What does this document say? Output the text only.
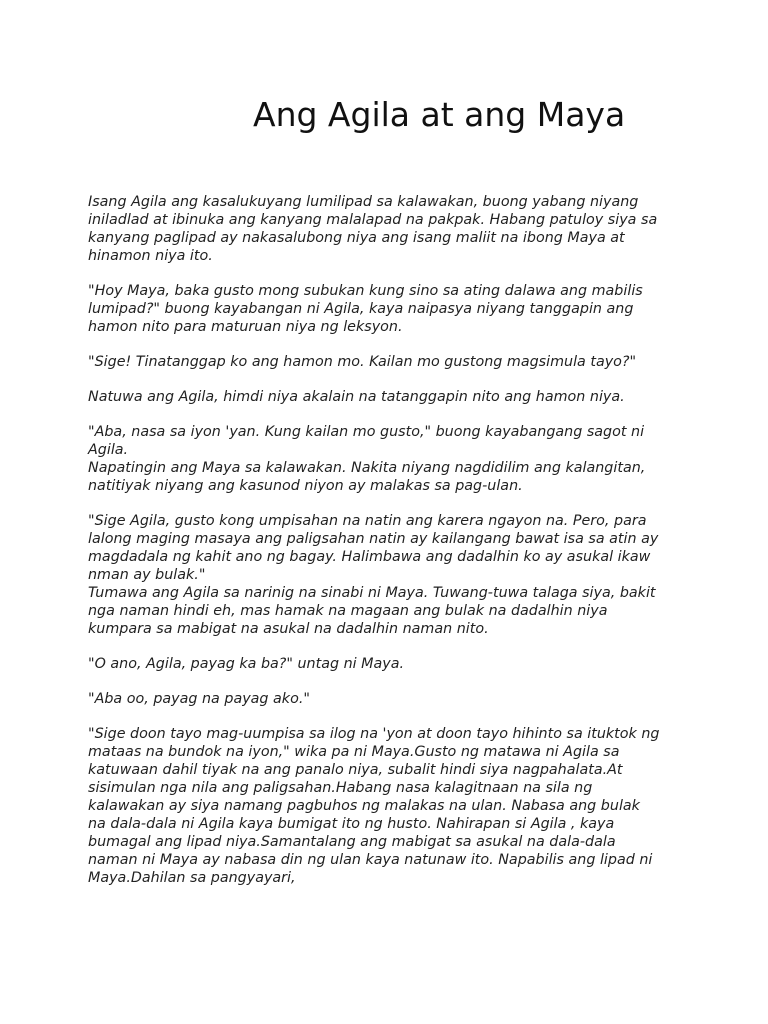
Ang Agila at ang Maya

Isang Agila ang kasalukuyang lumilipad sa kalawakan, buong yabang niyang iniladlad at ibinuka ang kanyang malalapad na pakpak. Habang patuloy siya sa kanyang paglipad ay nakasalubong niya ang isang maliit na ibong Maya at hinamon niya ito.

"Hoy Maya, baka gusto mong subukan kung sino sa ating dalawa ang mabilis lumipad?" buong kayabangan ni Agila, kaya naipasya niyang tanggapin ang hamon nito para maturuan niya ng leksyon.

"Sige! Tinatanggap ko ang hamon mo. Kailan mo gustong magsimula tayo?"

Natuwa ang Agila, himdi niya akalain na tatanggapin nito ang hamon niya.

"Aba, nasa sa iyon 'yan. Kung kailan mo gusto," buong kayabangang sagot ni Agila.
Napatingin ang Maya sa kalawakan. Nakita niyang nagdidilim ang kalangitan, natitiyak niyang ang kasunod niyon ay malakas sa pag-ulan.

"Sige Agila, gusto kong umpisahan na natin ang karera ngayon na. Pero, para lalong maging masaya ang paligsahan natin ay kailangang bawat isa sa atin ay magdadala ng kahit ano ng bagay. Halimbawa ang dadalhin ko ay asukal ikaw nman ay bulak."
Tumawa ang Agila sa narinig na sinabi ni Maya. Tuwang-tuwa talaga siya, bakit nga naman hindi eh, mas hamak na magaan ang bulak na dadalhin niya kumpara sa mabigat na asukal na dadalhin naman nito.

"O ano, Agila, payag ka ba?" untag ni Maya.

"Aba oo, payag na payag ako."

"Sige doon tayo mag-uumpisa sa ilog na 'yon at doon tayo hihinto sa ituktok ng mataas na bundok na iyon," wika pa ni Maya.Gusto ng matawa ni Agila sa katuwaan dahil tiyak na ang panalo niya, subalit hindi siya nagpahalata.At sisimulan nga nila ang paligsahan.Habang nasa kalagitnaan na sila ng kalawakan ay siya namang pagbuhos ng malakas na ulan. Nabasa ang bulak na dala-dala ni Agila kaya bumigat ito ng husto. Nahirapan si Agila , kaya bumagal ang lipad niya.Samantalang ang mabigat sa asukal na dala-dala naman ni Maya ay nabasa din ng ulan kaya natunaw ito. Napabilis ang lipad ni Maya.Dahilan sa pangyayari,
